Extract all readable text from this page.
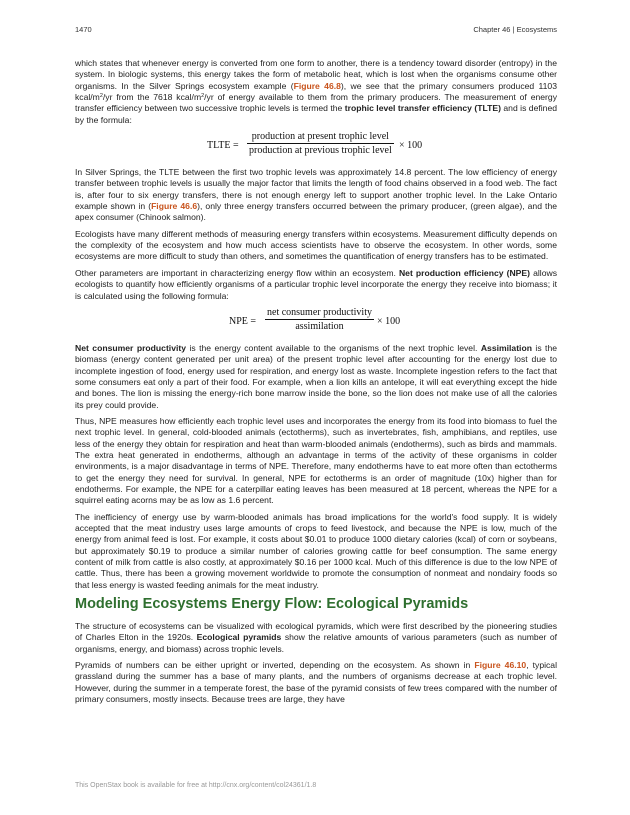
1470	Chapter 46 | Ecosystems

which states that whenever energy is converted from one form to another, there is a tendency toward disorder (entropy) in the system. In biologic systems, this energy takes the form of metabolic heat, which is lost when the organisms consume other organisms. In the Silver Springs ecosystem example (Figure 46.8), we see that the primary consumers produced 1103 kcal/$m^2/yr$ from the 7618 kcal/$m^2/yr$ of energy available to them from the primary producers. The measurement of energy transfer efficiency between two successive trophic levels is termed the trophic level transfer efficiency (TLTE) and is defined by the formula:

TLTE =
production at present trophic level
production at previous trophic level × 100

In Silver Springs, the TLTE between the first two trophic levels was approximately 14.8 percent. The low efficiency of energy transfer between trophic levels is usually the major factor that limits the length of food chains observed in a food web. The fact is, after four to six energy transfers, there is not enough energy left to support another trophic level. In the Lake Ontario example shown in (Figure 46.6), only three energy transfers occurred between the primary producer, (green algae), and the apex consumer (Chinook salmon).

Ecologists have many different methods of measuring energy transfers within ecosystems. Measurement difficulty depends on the complexity of the ecosystem and how much access scientists have to observe the ecosystem. In other words, some ecosystems are more difficult to study than others, and sometimes the quantification of energy transfers has to be estimated.

Other parameters are important in characterizing energy flow within an ecosystem. Net production efficiency (NPE) allows ecologists to quantify how efficiently organisms of a particular trophic level incorporate the energy they receive into biomass; it is calculated using the following formula:

NPE =
net consumer productivity
assimilation	× 100

Net consumer productivity is the energy content available to the organisms of the next trophic level. Assimilation is the biomass (energy content generated per unit area) of the present trophic level after accounting for the energy lost due to incomplete ingestion of food, energy used for respiration, and energy lost as waste. Incomplete ingestion refers to the fact that some consumers eat only a part of their food. For example, when a lion kills an antelope, it will eat everything except the hide and bones. The lion is missing the energy-rich bone marrow inside the bone, so the lion does not make use of all the calories its prey could provide.

Thus, NPE measures how efficiently each trophic level uses and incorporates the energy from its food into biomass to fuel the next trophic level. In general, cold-blooded animals (ectotherms), such as invertebrates, fish, amphibians, and reptiles, use less of the energy they obtain for respiration and heat than warm-blooded animals (endotherms), such as birds and mammals. The extra heat generated in endotherms, although an advantage in terms of the activity of these organisms in colder environments, is a major disadvantage in terms of NPE. Therefore, many endotherms have to eat more often than ectotherms to get the energy they need for survival. In general, NPE for ectotherms is an order of magnitude (10x) higher than for endotherms. For example, the NPE for a caterpillar eating leaves has been measured at 18 percent, whereas the NPE for a squirrel eating acorns may be as low as 1.6 percent.

The inefficiency of energy use by warm-blooded animals has broad implications for the world's food supply. It is widely accepted that the meat industry uses large amounts of crops to feed livestock, and because the NPE is low, much of the energy from animal feed is lost. For example, it costs about $0.01 to produce 1000 dietary calories (kcal) of corn or soybeans, but approximately $0.19 to produce a similar number of calories growing cattle for beef consumption. The same energy content of milk from cattle is also costly, at approximately $0.16 per 1000 kcal. Much of this difference is due to the low NPE of cattle. Thus, there has been a growing movement worldwide to promote the consumption of nonmeat and nondairy foods so that less energy is wasted feeding animals for the meat industry.

Modeling Ecosystems Energy Flow: Ecological Pyramids

The structure of ecosystems can be visualized with ecological pyramids, which were first described by the pioneering studies of Charles Elton in the 1920s. Ecological pyramids show the relative amounts of various parameters (such as number of organisms, energy, and biomass) across trophic levels.

Pyramids of numbers can be either upright or inverted, depending on the ecosystem. As shown in Figure 46.10, typical grassland during the summer has a base of many plants, and the numbers of organisms decrease at each trophic level. However, during the summer in a temperate forest, the base of the pyramid consists of few trees compared with the number of primary consumers, mostly insects. Because trees are large, they have

This OpenStax book is available for free at http://cnx.org/content/col24361/1.8
